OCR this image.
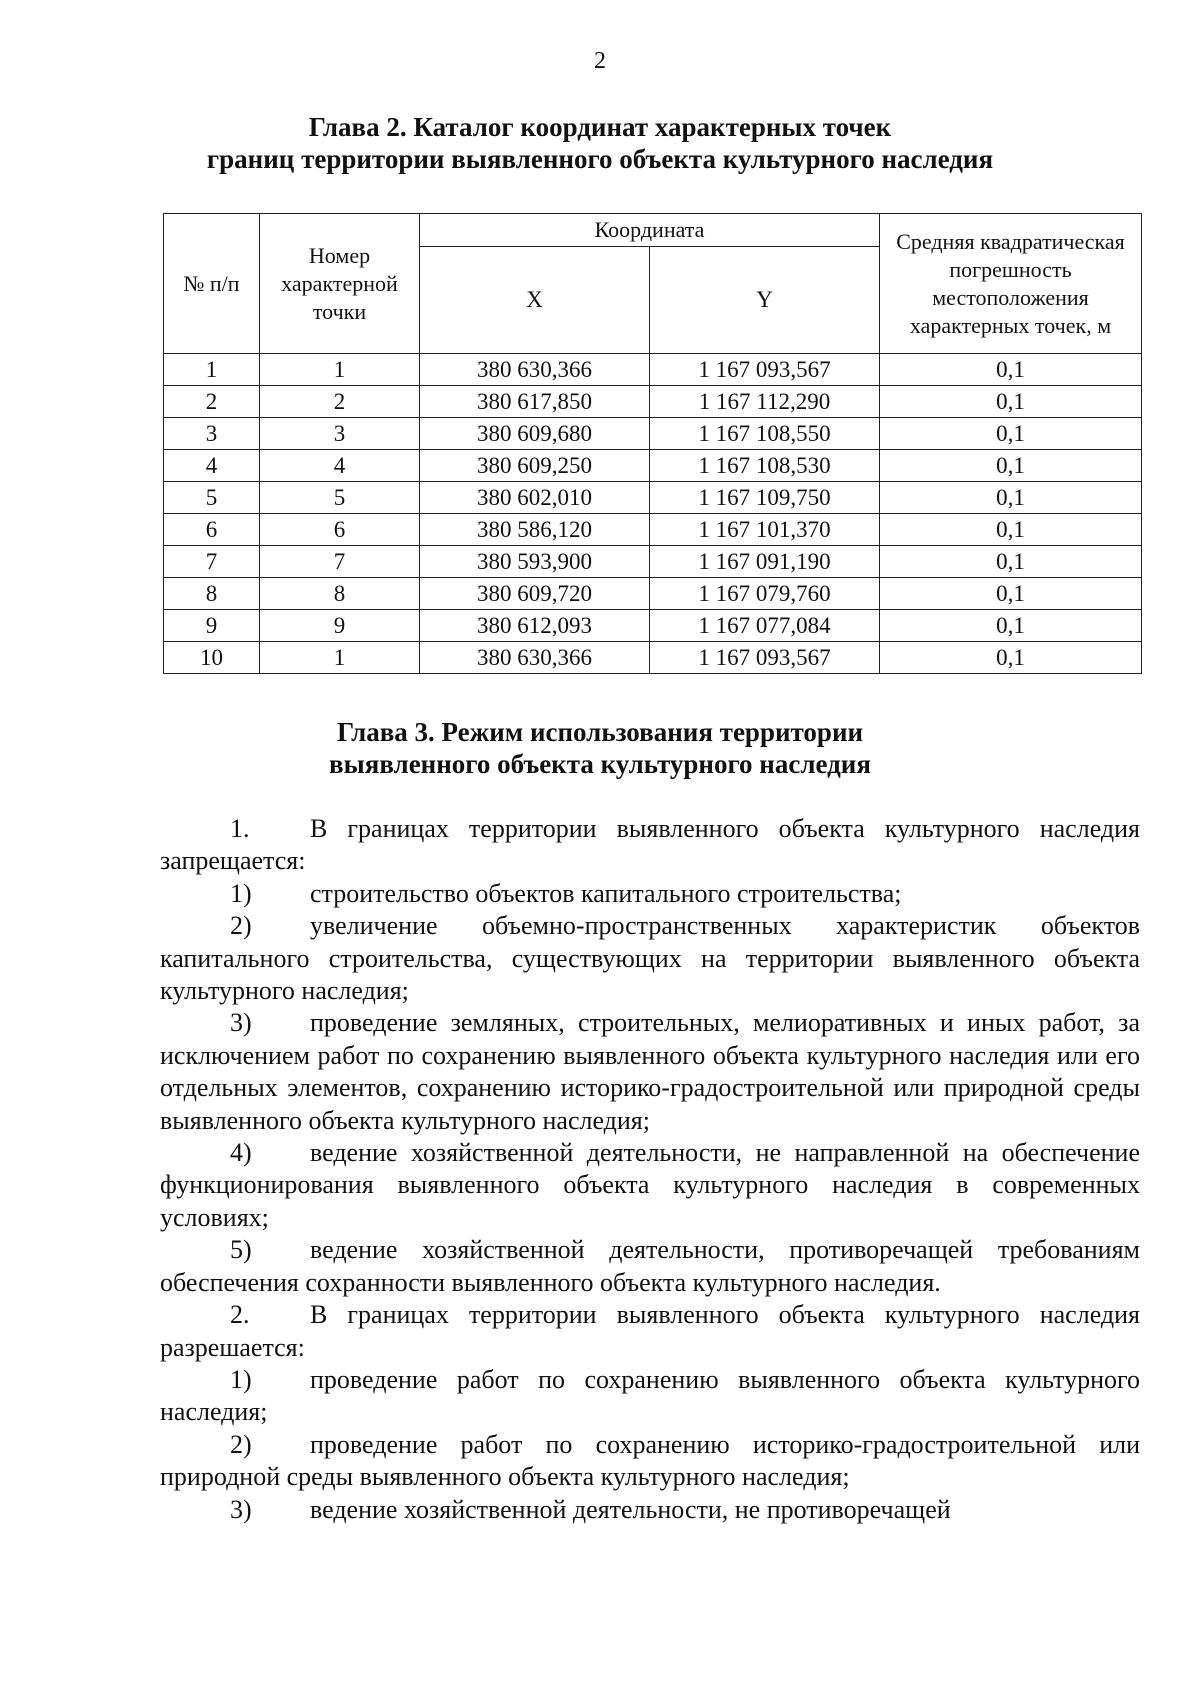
2
Глава 2. Каталог координат характерных точек
границ территории выявленного объекта культурного наследия
№ п/п	Номер характерной точки	Координата		Средняя квадратическая погрешность местоположения характерных точек, м
		X	Y	
1	1	380 630,366	1 167 093,567	0,1
2	2	380 617,850	1 167 112,290	0,1
3	3	380 609,680	1 167 108,550	0,1
4	4	380 609,250	1 167 108,530	0,1
5	5	380 602,010	1 167 109,750	0,1
6	6	380 586,120	1 167 101,370	0,1
7	7	380 593,900	1 167 091,190	0,1
8	8	380 609,720	1 167 079,760	0,1
9	9	380 612,093	1 167 077,084	0,1
10	1	380 630,366	1 167 093,567	0,1
Глава 3. Режим использования территории
выявленного объекта культурного наследия

1. В границах территории выявленного объекта культурного наследия запрещается:

1) строительство объектов капитального строительства;

2) увеличение объемно-пространственных характеристик объектов капитального строительства, существующих на территории выявленного объекта культурного наследия;

3) проведение земляных, строительных, мелиоративных и иных работ, за исключением работ по сохранению выявленного объекта культурного наследия или его отдельных элементов, сохранению историко-градостроительной или природной среды выявленного объекта культурного наследия;

4) ведение хозяйственной деятельности, не направленной на обеспечение функционирования выявленного объекта культурного наследия в современных условиях;

5) ведение хозяйственной деятельности, противоречащей требованиям обеспечения сохранности выявленного объекта культурного наследия.

2. В границах территории выявленного объекта культурного наследия разрешается:

1) проведение работ по сохранению выявленного объекта культурного наследия;

2) проведение работ по сохранению историко-градостроительной или природной среды выявленного объекта культурного наследия;

3) ведение хозяйственной деятельности, не противоречащей
